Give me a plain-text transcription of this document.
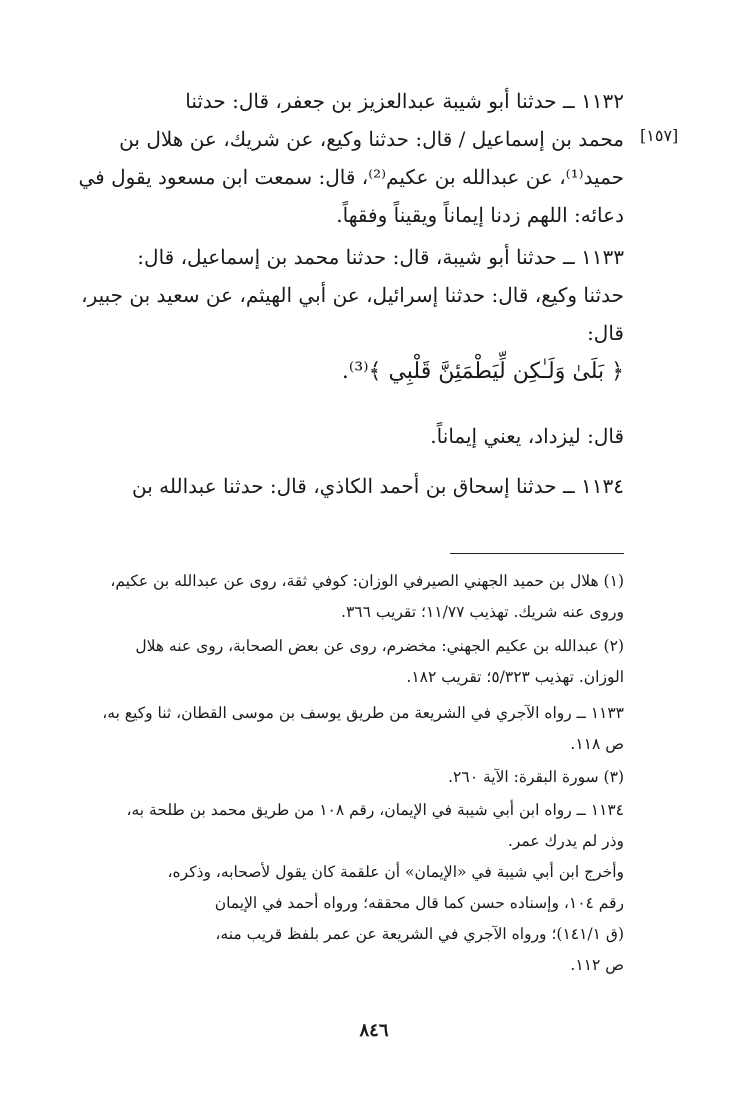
[١٥٧]

١١٣٢ ــ حدثنا أبو شيبة عبدالعزيز بن جعفر، قال: حدثنا

محمد بن إسماعيل / قال: حدثنا وكيع، عن شريك، عن هلال بن

حميد⁽¹⁾، عن عبدالله بن عكيم⁽²⁾، قال: سمعت ابن مسعود يقول في

دعائه: اللهم زدنا إيماناً ويقيناً وفقهاً.

١١٣٣ ــ حدثنا أبو شيبة، قال: حدثنا محمد بن إسماعيل، قال:

حدثنا وكيع، قال: حدثنا إسرائيل، عن أبي الهيثم، عن سعيد بن جبير،

قال:

﴿ بَلَىٰ وَلَـٰكِن لِّيَطْمَئِنَّ قَلْبِي ﴾⁽³⁾.

قال: ليزداد، يعني إيماناً.

١١٣٤ ــ حدثنا إسحاق بن أحمد الكاذي، قال: حدثنا عبدالله بن

(١) هلال بن حميد الجهني الصيرفي الوزان: كوفي ثقة، روى عن عبدالله بن عكيم،

وروى عنه شريك. تهذيب ١١/٧٧؛ تقريب ٣٦٦.

(٢) عبدالله بن عكيم الجهني: مخضرم، روى عن بعض الصحابة، روى عنه هلال

الوزان. تهذيب ٥/٣٢٣؛ تقريب ١٨٢.

١١٣٣ ــ رواه الآجري في الشريعة من طريق يوسف بن موسى القطان، ثنا وكيع به،

ص ١١٨.

(٣) سورة البقرة: الآية ٢٦٠.

١١٣٤ ــ رواه ابن أبي شيبة في الإيمان، رقم ١٠٨ من طريق محمد بن طلحة به،

وذر لم يدرك عمر.

وأخرج ابن أبي شيبة في «الإيمان» أن علقمة كان يقول لأصحابه، وذكره،

رقم ١٠٤، وإسناده حسن كما قال محققه؛ ورواه أحمد في الإيمان

(ق ١٤١/١)؛ ورواه الآجري في الشريعة عن عمر بلفظ قريب منه،

ص ١١٢.

٨٤٦
